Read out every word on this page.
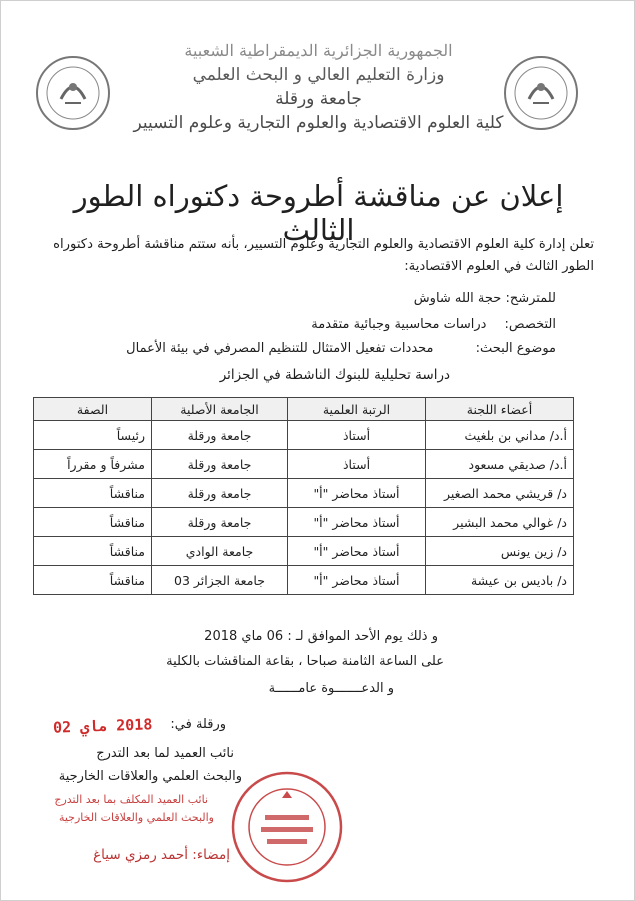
الجمهورية الجزائرية الديمقراطية الشعبية
وزارة التعليم العالي و البحث العلمي
جامعة ورقلة
كلية العلوم الاقتصادية والعلوم التجارية وعلوم التسيير
إعلان عن مناقشة أطروحة دكتوراه الطور الثالث
تعلن إدارة كلية العلوم الاقتصادية والعلوم التجارية وعلوم التسيير، بأنه ستتم مناقشة أطروحة دكتوراه الطور الثالث في العلوم الاقتصادية:
للمترشح: حجة الله شاوش
التخصص: دراسات محاسبية وجبائية متقدمة
موضوع البحث: محددات تفعيل الامتثال للتنظيم المصرفي في بيئة الأعمال
دراسة تحليلية للبنوك الناشطة في الجزائر
أعضاء اللجنة	الرتبة العلمية	الجامعة الأصلية	الصفة
أ.د/ مداني بن بلغيث	أستاذ	جامعة ورقلة	رئيساً
أ.د/ صديقي مسعود	أستاذ	جامعة ورقلة	مشرفاً و مقرراً
د/ قريشي محمد الصغير	أستاذ محاضر "أ"	جامعة ورقلة	مناقشاً
د/ غوالي محمد البشير	أستاذ محاضر "أ"	جامعة ورقلة	مناقشاً
د/ زين يونس	أستاذ محاضر "أ"	جامعة الوادي	مناقشاً
د/ باديس بن عيشة	أستاذ محاضر "أ"	جامعة الجزائر 03	مناقشاً
و ذلك يوم الأحد الموافق لـ : 06 ماي 2018
على الساعة الثامنة صباحا ، بقاعة المناقشات بالكلية
و الدعـــــــوة عامــــــة
ورقلة في:
2018 ماي 02
نائب العميد لما بعد التدرج
والبحث العلمي والعلاقات الخارجية
نائب العميد المكلف بما بعد التدرج
والبحث العلمي والعلاقات الخارجية
إمضاء: أحمد رمزي سياغ
